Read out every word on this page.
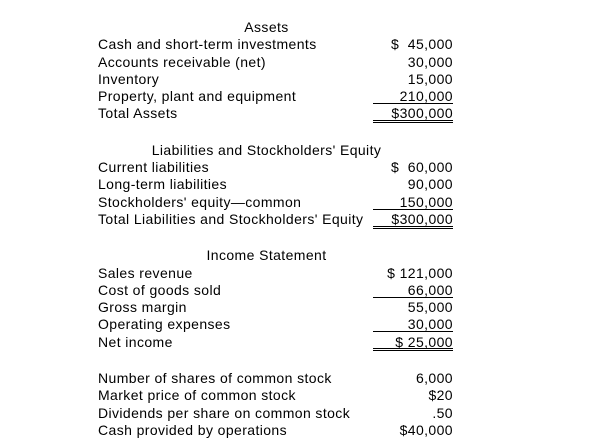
Assets
Cash and short-term investments	$  45,000
Accounts receivable (net)	30,000
Inventory	15,000
Property, plant and equipment	210,000
Total Assets	$300,000
Liabilities and Stockholders' Equity
Current liabilities	$  60,000
Long-term liabilities	90,000
Stockholders' equity—common	150,000
Total Liabilities and Stockholders' Equity	$300,000
Income Statement
Sales revenue	$ 121,000
Cost of goods sold	66,000
Gross margin	55,000
Operating expenses	30,000
Net income	$ 25,000
Number of shares of common stock	6,000
Market price of common stock	$20
Dividends per share on common stock	.50
Cash provided by operations	$40,000
